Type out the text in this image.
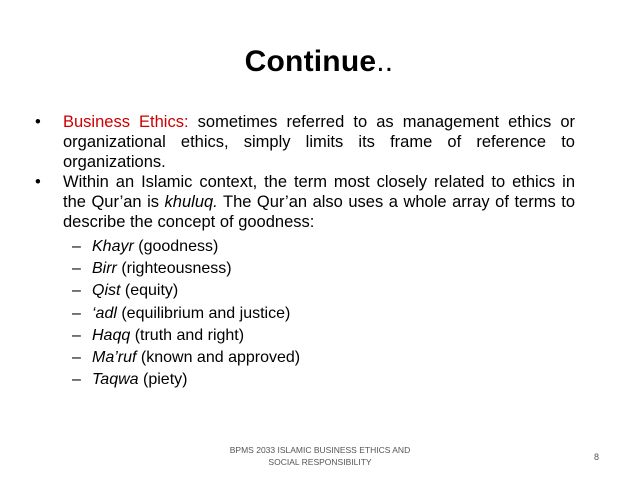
Continue..
• Business Ethics: sometimes referred to as management ethics or organizational ethics, simply limits its frame of reference to organizations.
• Within an Islamic context, the term most closely related to ethics in the Qur’an is khuluq. The Qur’an also uses a whole array of terms to describe the concept of goodness:
– Khayr (goodness)
– Birr (righteousness)
– Qist (equity)
– ‘adl (equilibrium and justice)
– Haqq (truth and right)
– Ma’ruf (known and approved)
– Taqwa (piety)
BPMS 2033 ISLAMIC BUSINESS ETHICS AND
SOCIAL RESPONSIBILITY	8
